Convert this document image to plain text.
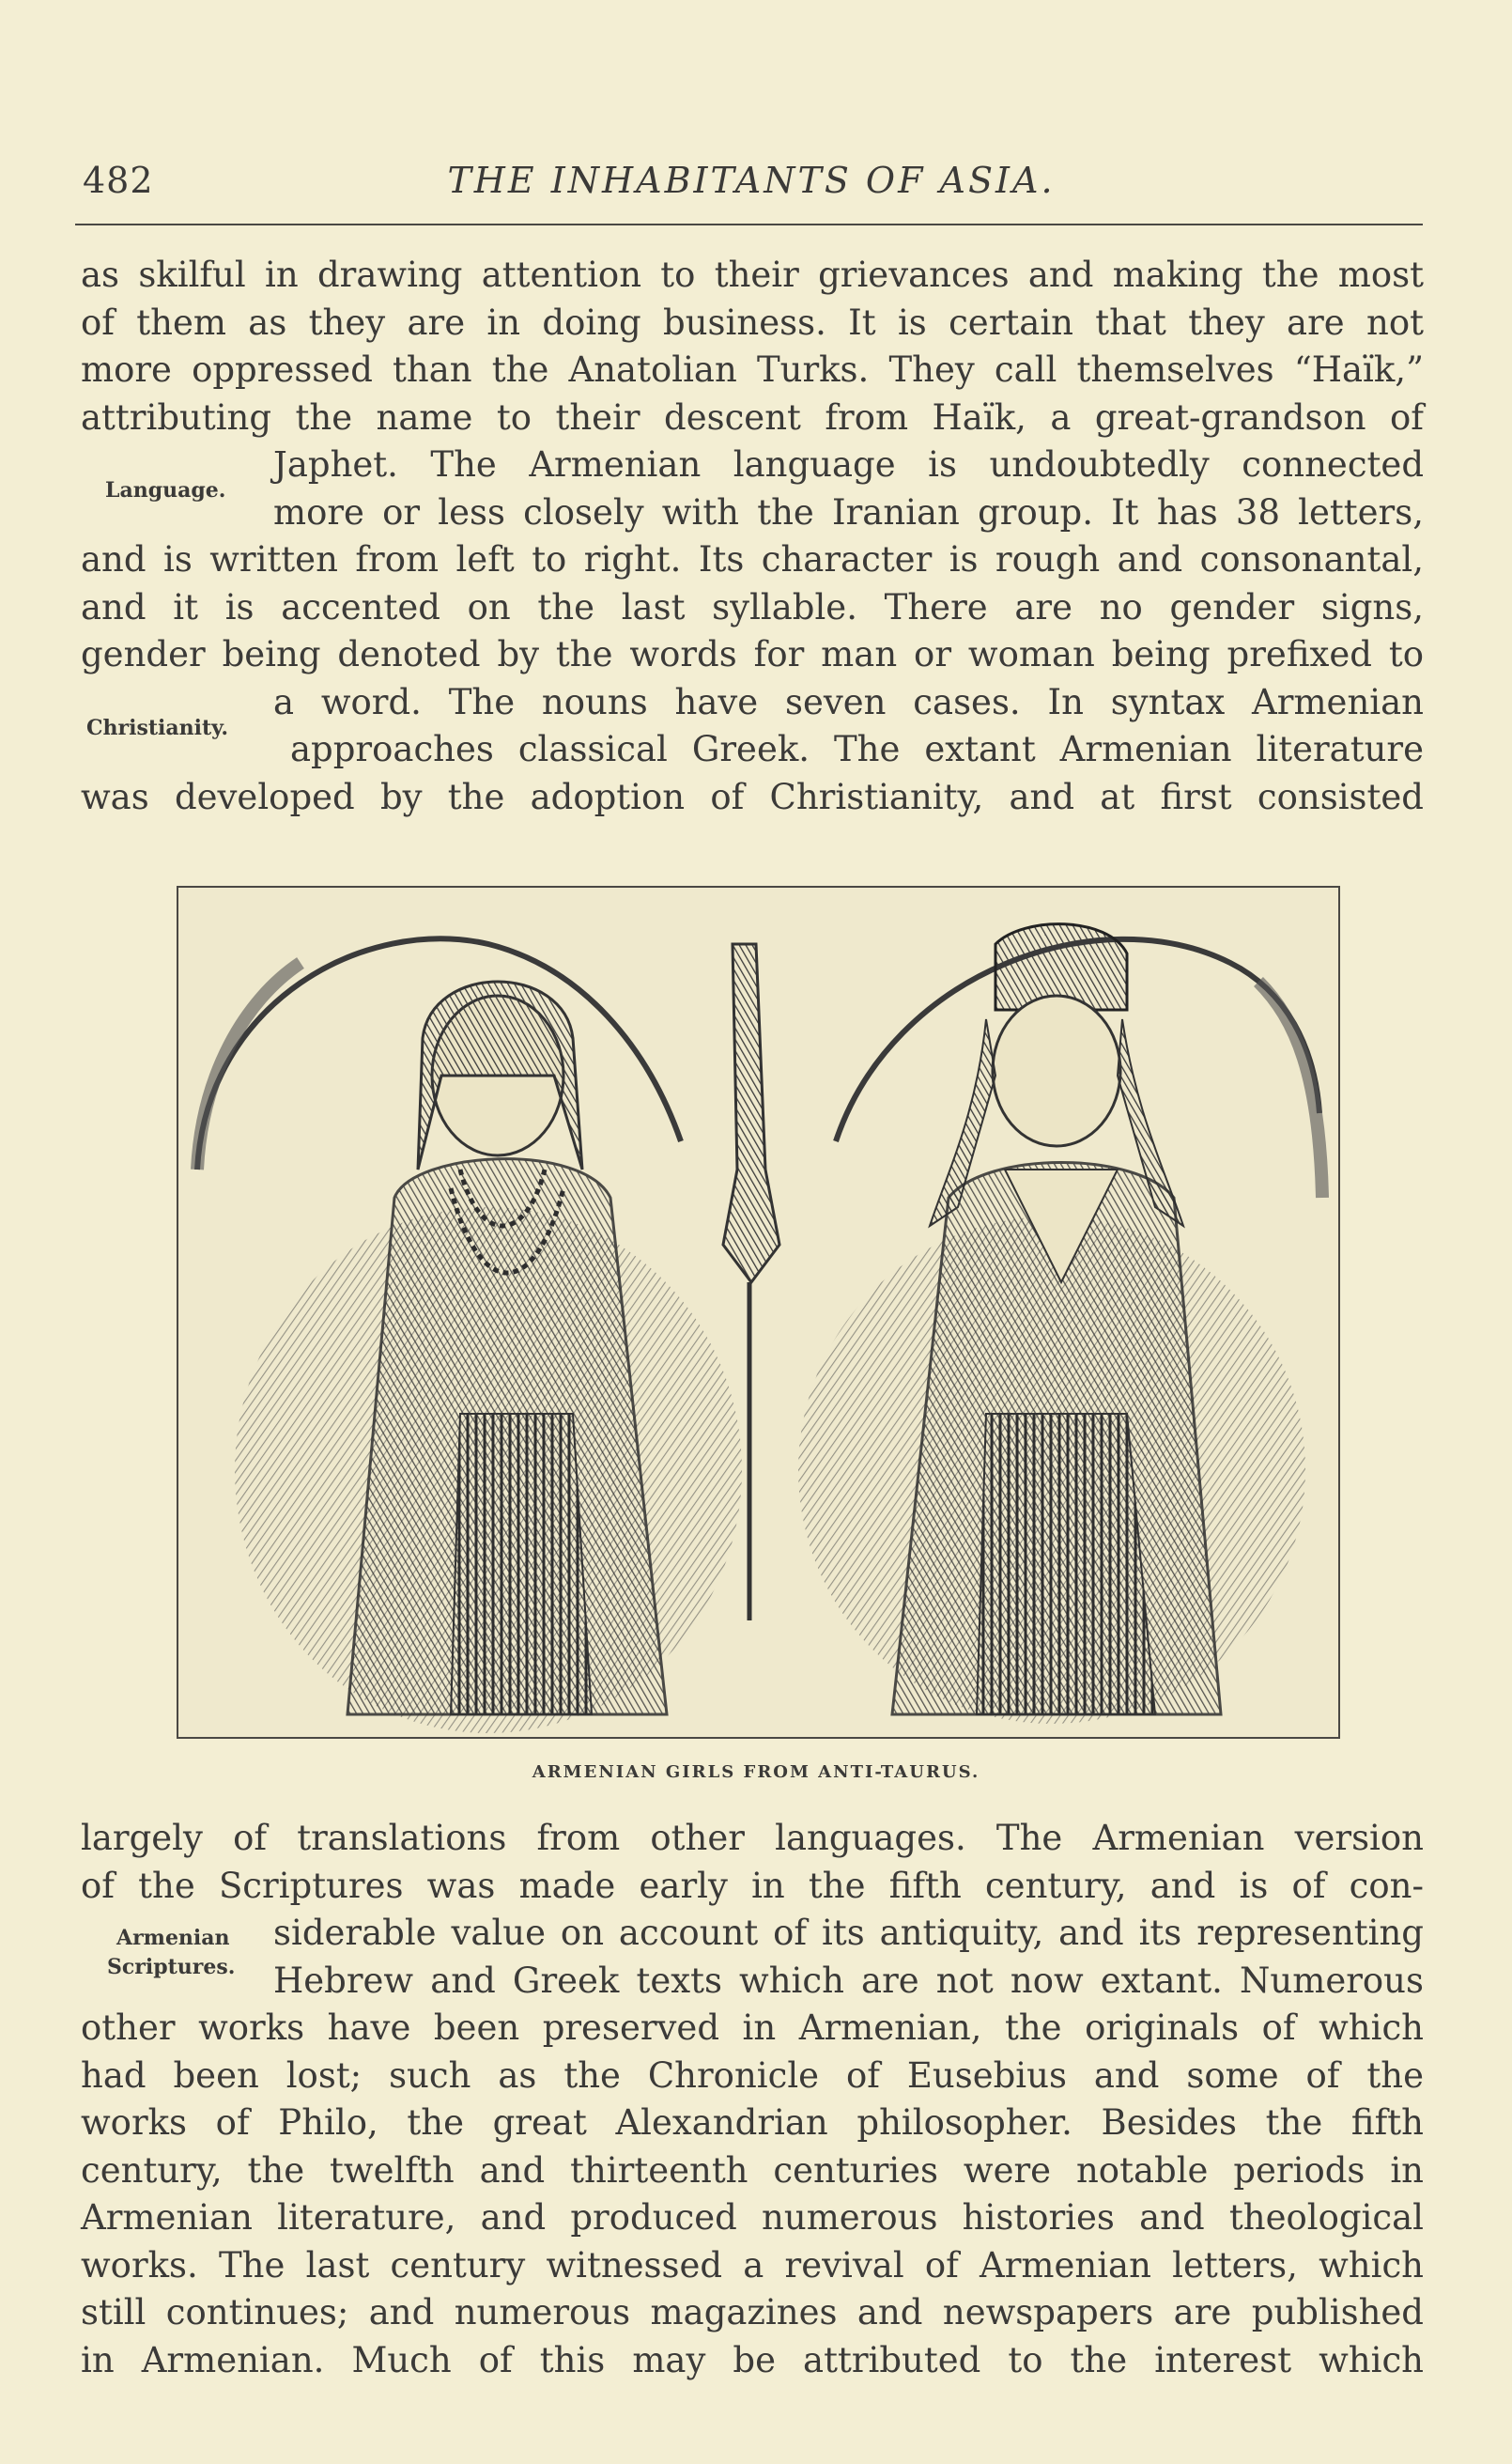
482	THE INHABITANTS OF ASIA.
as skilful in drawing attention to their grievances and making the most
of them as they are in doing business. It is certain that they are not
more oppressed than the Anatolian Turks. They call themselves “Haïk,”
attributing the name to their descent from Haïk, a great-grandson of
Japhet. The Armenian language is undoubtedly connected
more or less closely with the Iranian group. It has 38 letters,
and is written from left to right. Its character is rough and consonantal,
and it is accented on the last syllable. There are no gender signs,
gender being denoted by the words for man or woman being prefixed to
a word. The nouns have seven cases. In syntax Armenian
approaches classical Greek. The extant Armenian literature
was developed by the adoption of Christianity, and at first consisted
Language.
Christianity.
ARMENIAN GIRLS FROM ANTI-TAURUS.
largely of translations from other languages. The Armenian version
of the Scriptures was made early in the fifth century, and is of con-
siderable value on account of its antiquity, and its representing
Hebrew and Greek texts which are not now extant. Numerous
other works have been preserved in Armenian, the originals of which
had been lost; such as the Chronicle of Eusebius and some of the
works of Philo, the great Alexandrian philosopher. Besides the fifth
century, the twelfth and thirteenth centuries were notable periods in
Armenian literature, and produced numerous histories and theological
works. The last century witnessed a revival of Armenian letters, which
still continues; and numerous magazines and newspapers are published
in Armenian. Much of this may be attributed to the interest which
Armenian
Scriptures.
